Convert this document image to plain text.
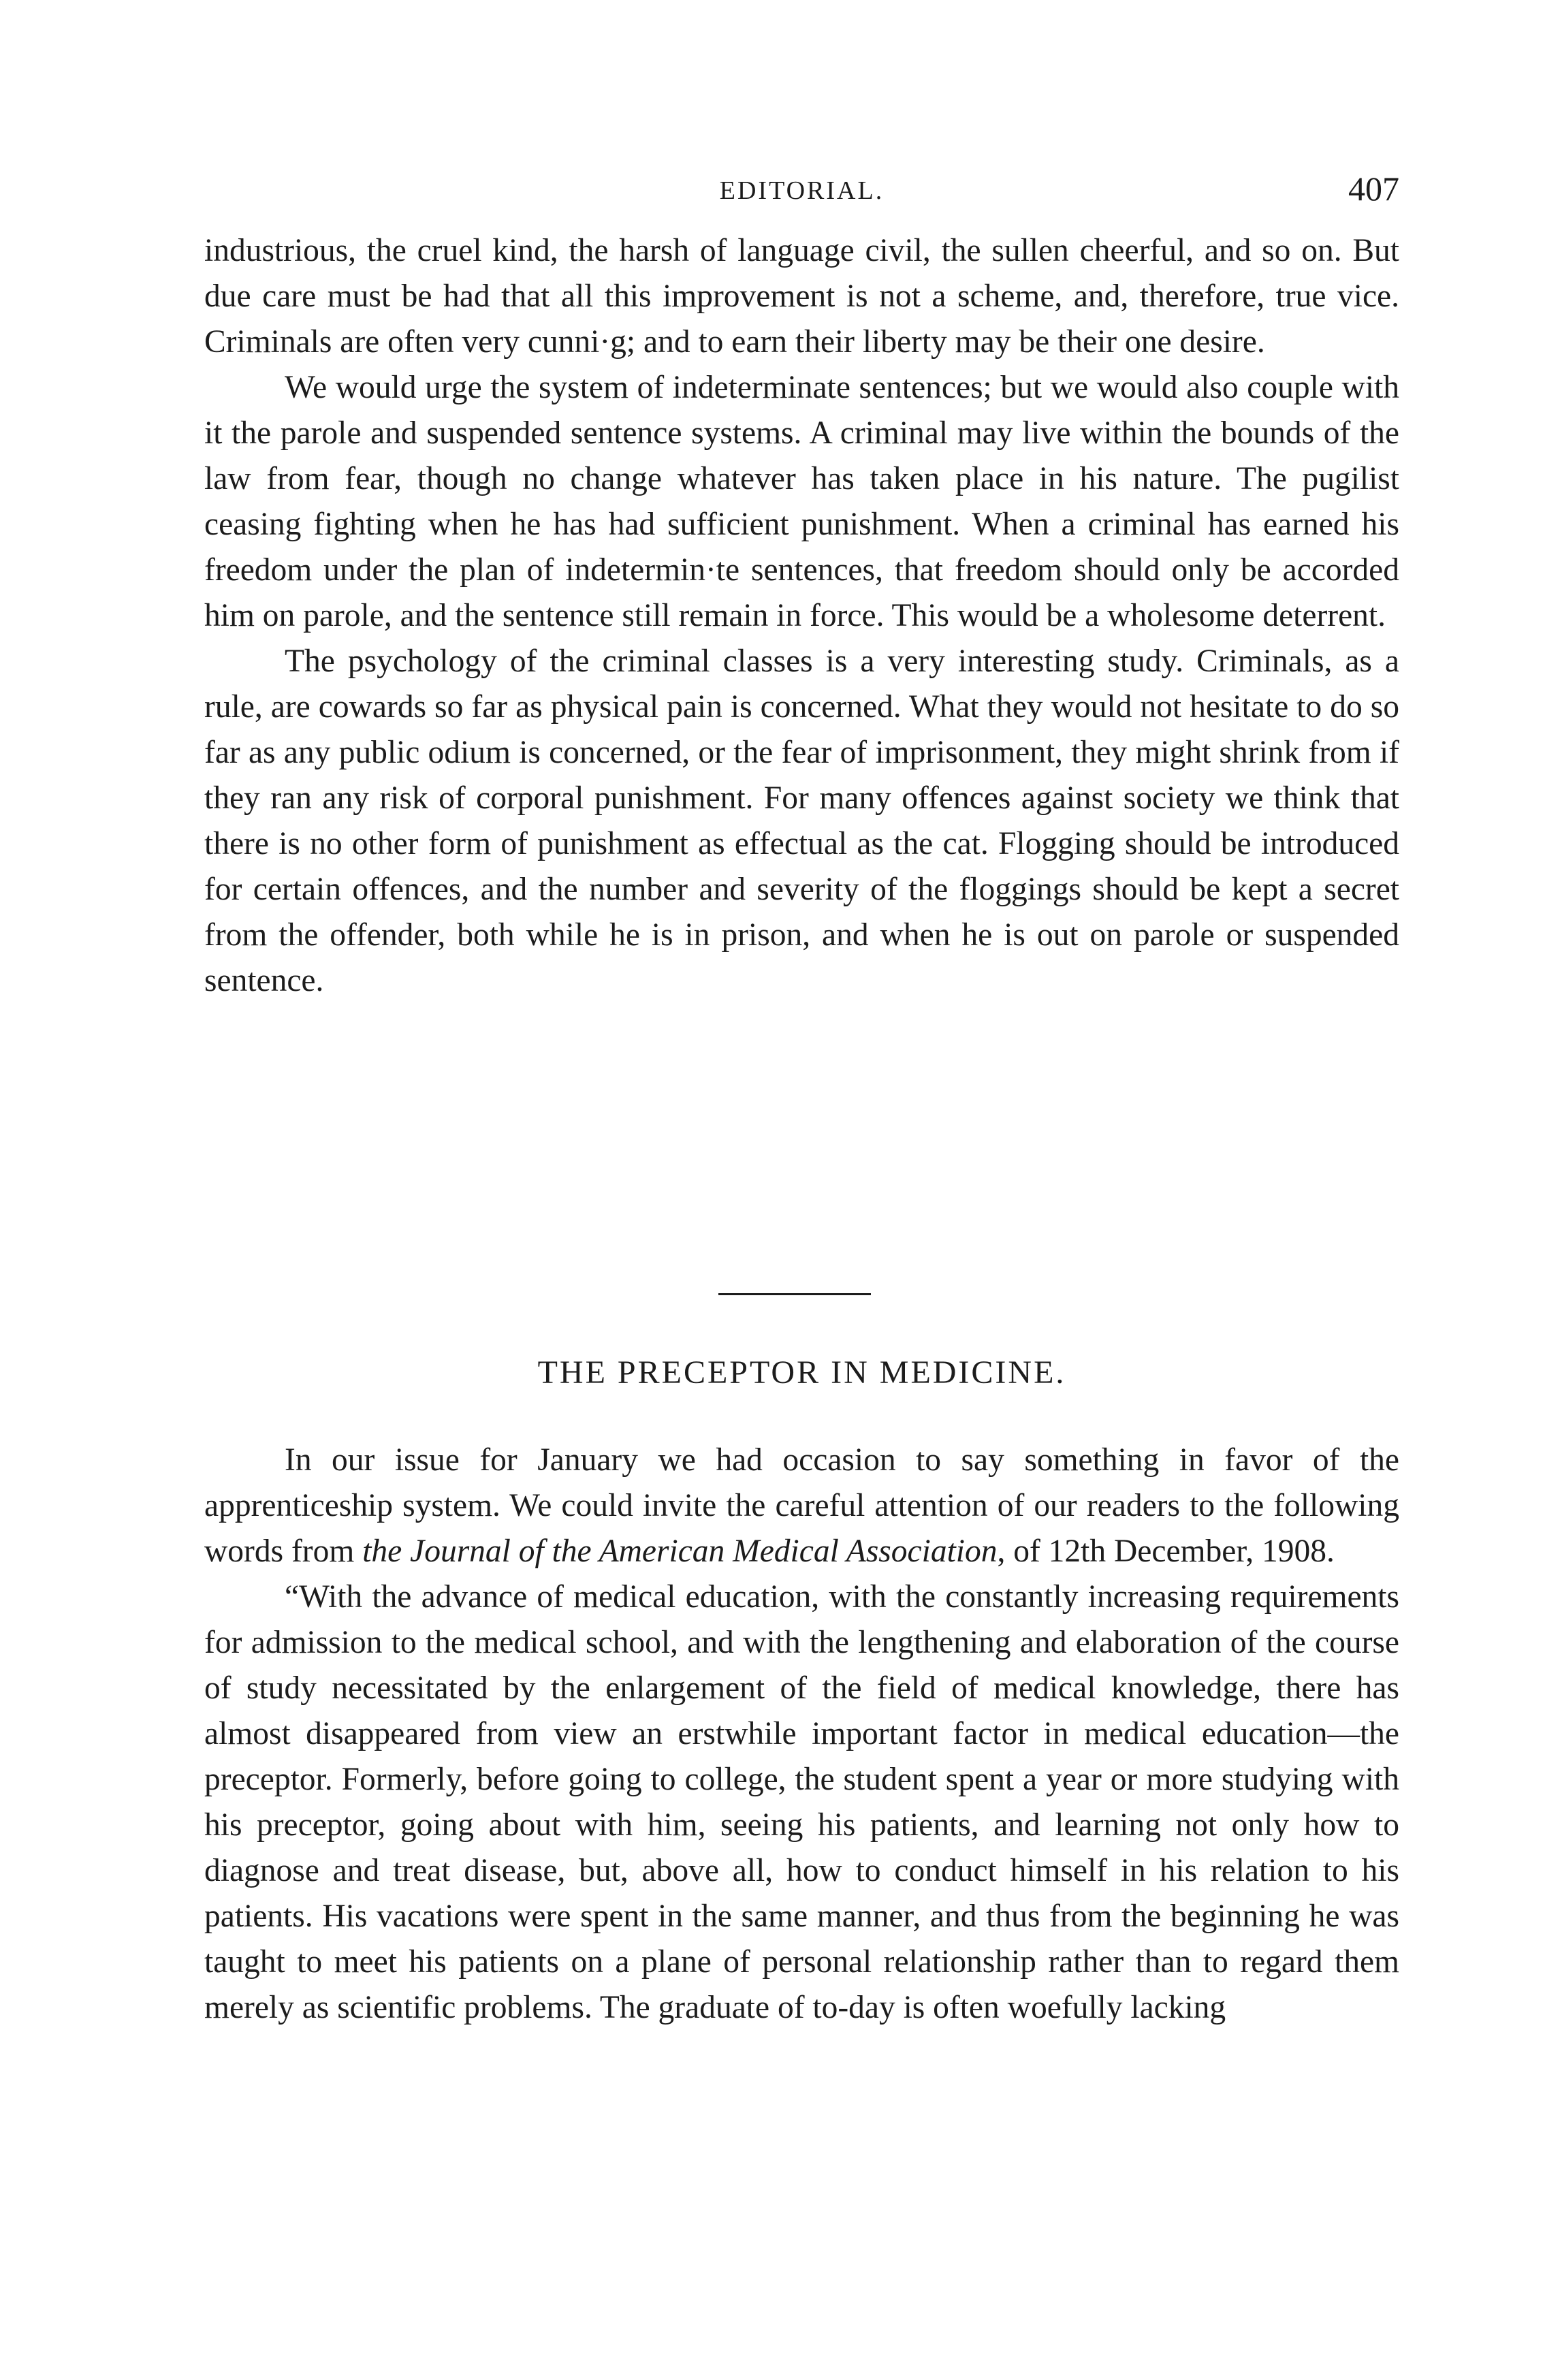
EDITORIAL.	407

industrious, the cruel kind, the harsh of language civil, the sullen cheerful, and so on. But due care must be had that all this improvement is not a scheme, and, therefore, true vice. Criminals are often very cunni·g; and to earn their liberty may be their one desire.

We would urge the system of indeterminate sentences; but we would also couple with it the parole and suspended sentence systems. A criminal may live within the bounds of the law from fear, though no change whatever has taken place in his nature. The pugilist ceasing fighting when he has had sufficient punishment. When a criminal has earned his freedom under the plan of indetermin·te sentences, that freedom should only be accorded him on parole, and the sentence still remain in force. This would be a wholesome deterrent.

The psychology of the criminal classes is a very interesting study. Criminals, as a rule, are cowards so far as physical pain is concerned. What they would not hesitate to do so far as any public odium is concerned, or the fear of imprisonment, they might shrink from if they ran any risk of corporal punishment. For many offences against society we think that there is no other form of punishment as effectual as the cat. Flogging should be introduced for certain offences, and the number and severity of the floggings should be kept a secret from the offender, both while he is in prison, and when he is out on parole or suspended sentence.

THE PRECEPTOR IN MEDICINE.

In our issue for January we had occasion to say something in favor of the apprenticeship system. We could invite the careful attention of our readers to the following words from the Journal of the American Medical Association, of 12th December, 1908.

“With the advance of medical education, with the constantly increasing requirements for admission to the medical school, and with the lengthening and elaboration of the course of study necessitated by the enlargement of the field of medical knowledge, there has almost disappeared from view an erstwhile important factor in medical education—the preceptor. Formerly, before going to college, the student spent a year or more studying with his preceptor, going about with him, seeing his patients, and learning not only how to diagnose and treat disease, but, above all, how to conduct himself in his relation to his patients. His vacations were spent in the same manner, and thus from the beginning he was taught to meet his patients on a plane of personal relationship rather than to regard them merely as scientific problems. The graduate of to-day is often woefully lacking
